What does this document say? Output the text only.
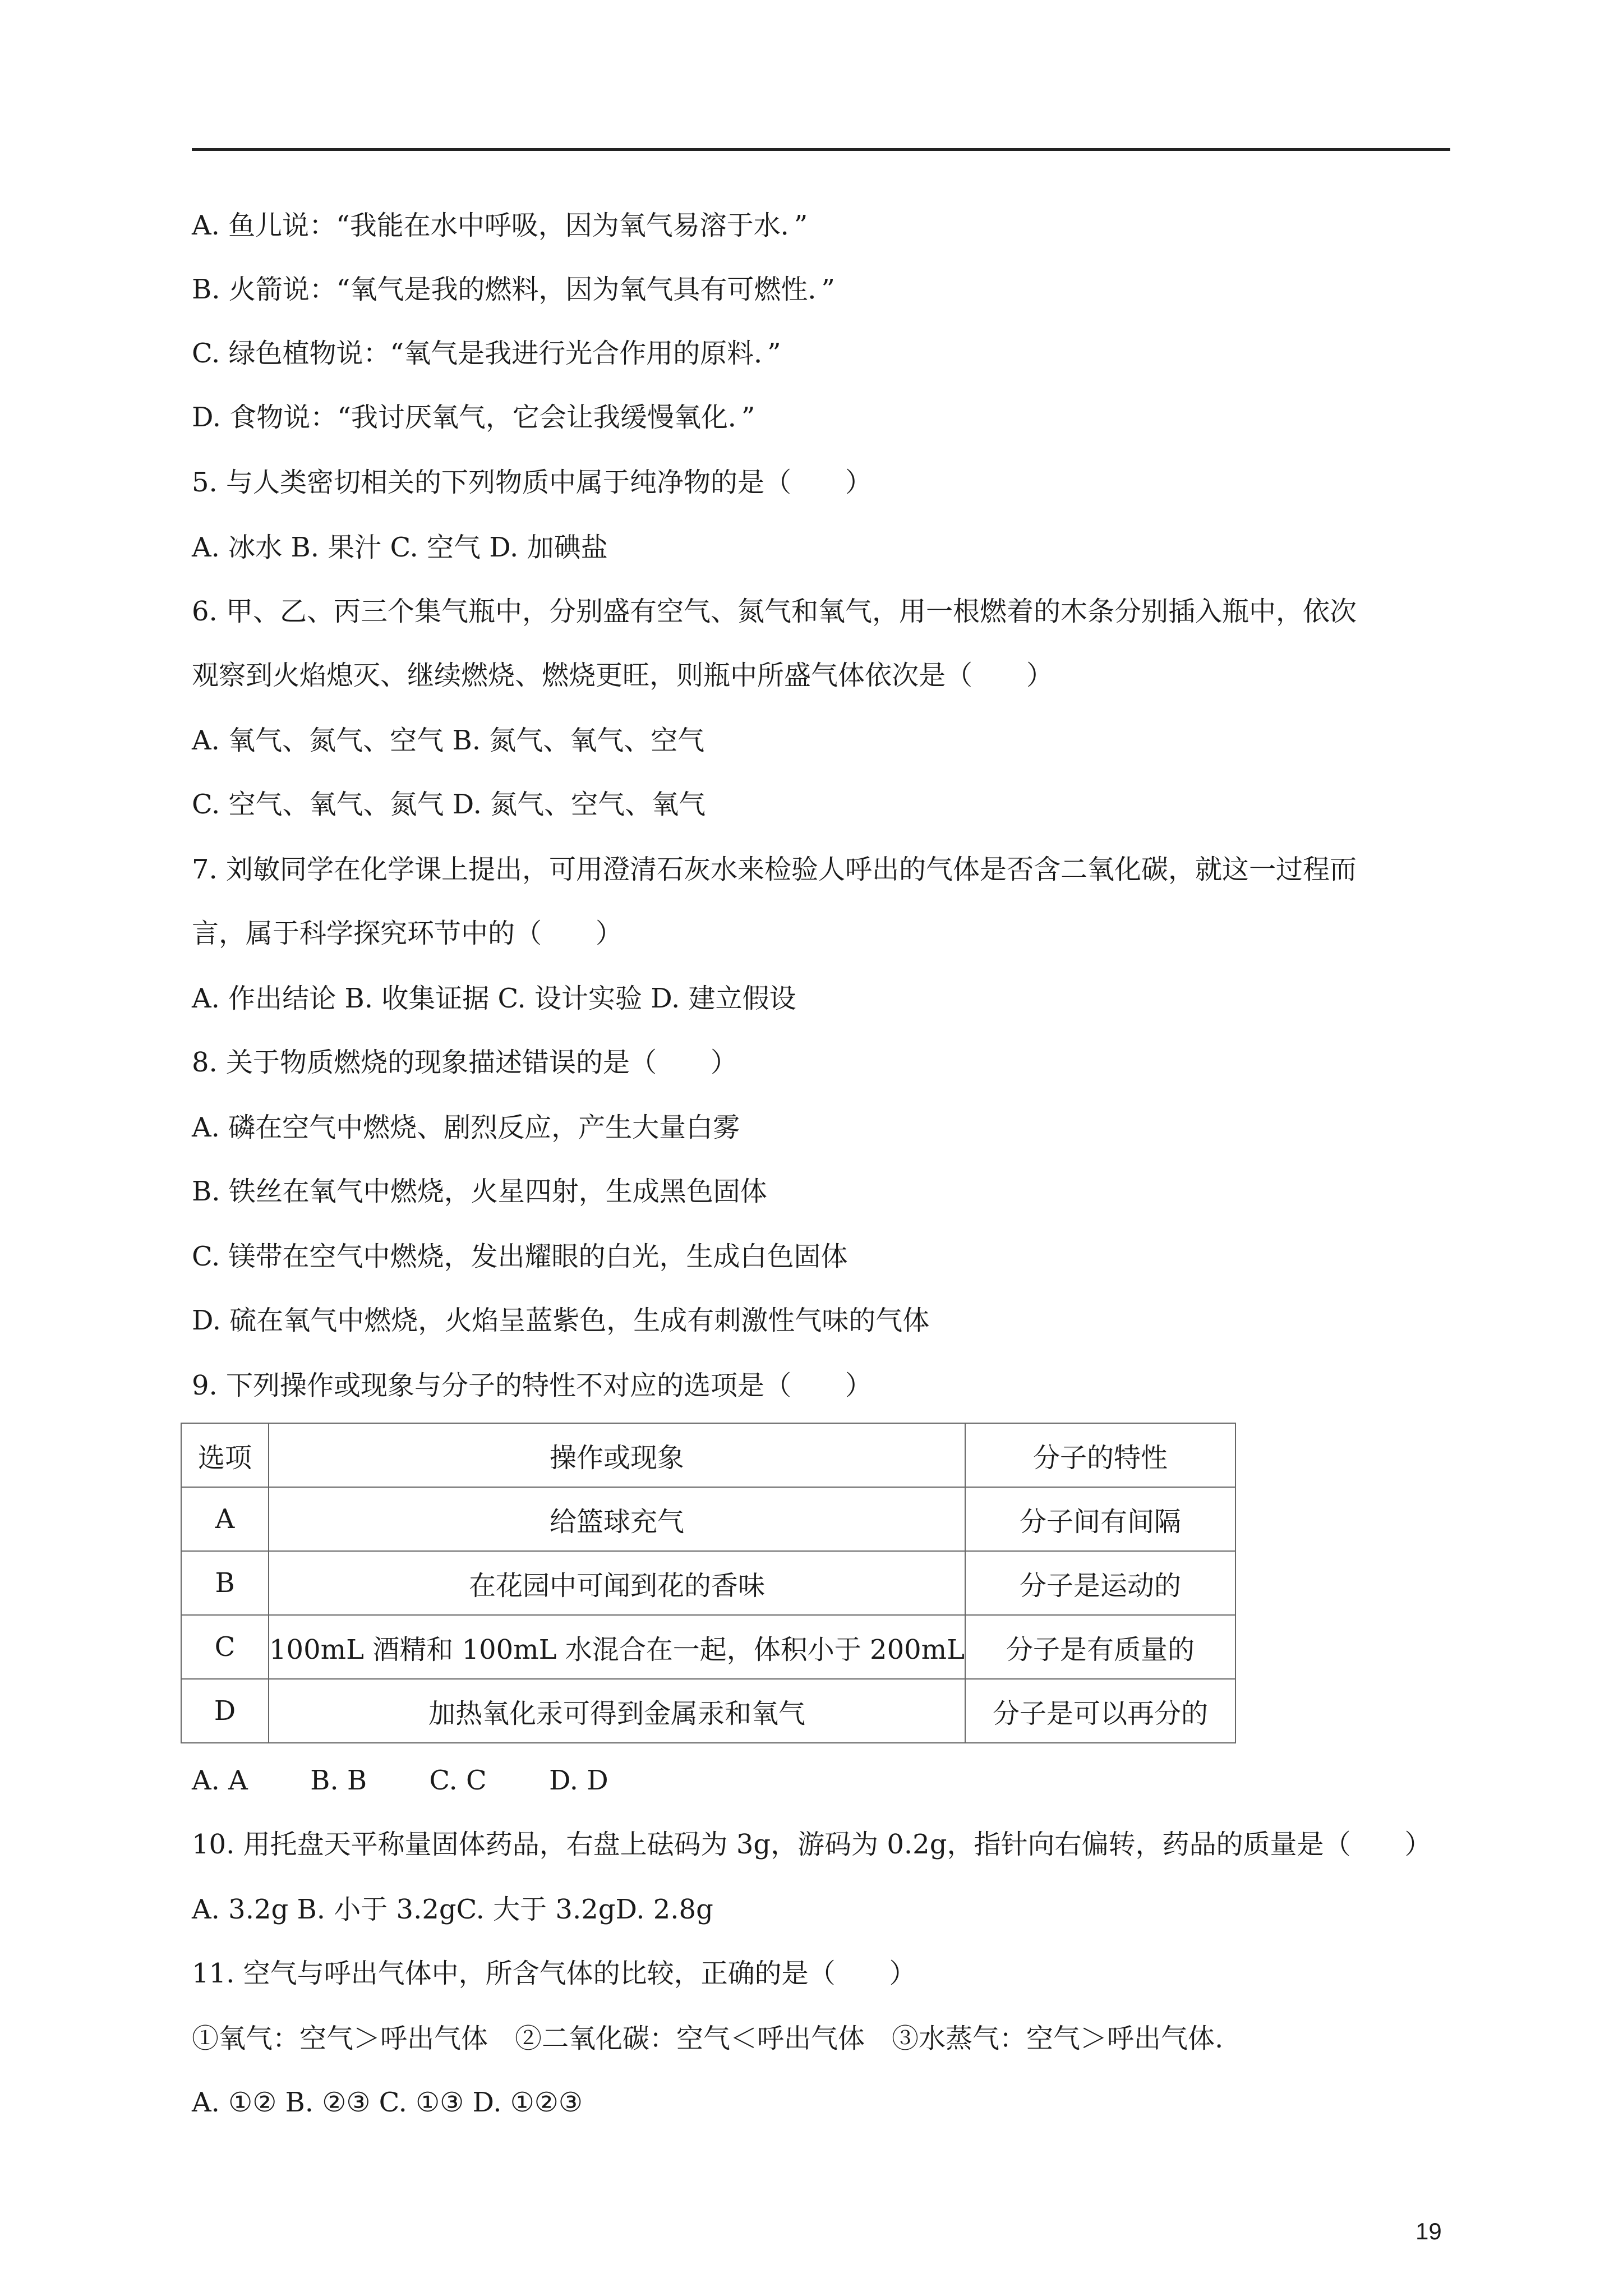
A. 鱼儿说：“我能在水中呼吸，因为氧气易溶于水．”
B. 火箭说：“氧气是我的燃料，因为氧气具有可燃性．”
C. 绿色植物说：“氧气是我进行光合作用的原料．”
D. 食物说：“我讨厌氧气，它会让我缓慢氧化．”
5. 与人类密切相关的下列物质中属于纯净物的是（　　）
A. 冰水 B. 果汁 C. 空气 D. 加碘盐
6. 甲、乙、丙三个集气瓶中，分别盛有空气、氮气和氧气，用一根燃着的木条分别插入瓶中，依次
观察到火焰熄灭、继续燃烧、燃烧更旺，则瓶中所盛气体依次是（　　）
A. 氧气、氮气、空气 B. 氮气、氧气、空气
C. 空气、氧气、氮气 D. 氮气、空气、氧气
7. 刘敏同学在化学课上提出，可用澄清石灰水来检验人呼出的气体是否含二氧化碳，就这一过程而
言，属于科学探究环节中的（　　）
A. 作出结论 B. 收集证据 C. 设计实验 D. 建立假设
8. 关于物质燃烧的现象描述错误的是（　　）
A. 磷在空气中燃烧、剧烈反应，产生大量白雾
B. 铁丝在氧气中燃烧，火星四射，生成黑色固体
C. 镁带在空气中燃烧，发出耀眼的白光，生成白色固体
D. 硫在氧气中燃烧，火焰呈蓝紫色，生成有刺激性气味的气体
9. 下列操作或现象与分子的特性不对应的选项是（　　）
选项	操作或现象	分子的特性
A	给篮球充气	分子间有间隔
B	在花园中可闻到花的香味	分子是运动的
C	100mL 酒精和 100mL 水混合在一起，体积小于 200mL	分子是有质量的
D	加热氧化汞可得到金属汞和氧气	分子是可以再分的
A. A 　　B. B 　　C. C 　　D. D
10. 用托盘天平称量固体药品，右盘上砝码为 3g，游码为 0.2g，指针向右偏转，药品的质量是（　　）
A. 3.2g B. 小于 3.2gC. 大于 3.2gD. 2.8g
11. 空气与呼出气体中，所含气体的比较，正确的是（　　）
①氧气：空气＞呼出气体　②二氧化碳：空气＜呼出气体　③水蒸气：空气＞呼出气体.
A. ①② B. ②③ C. ①③ D. ①②③
19
